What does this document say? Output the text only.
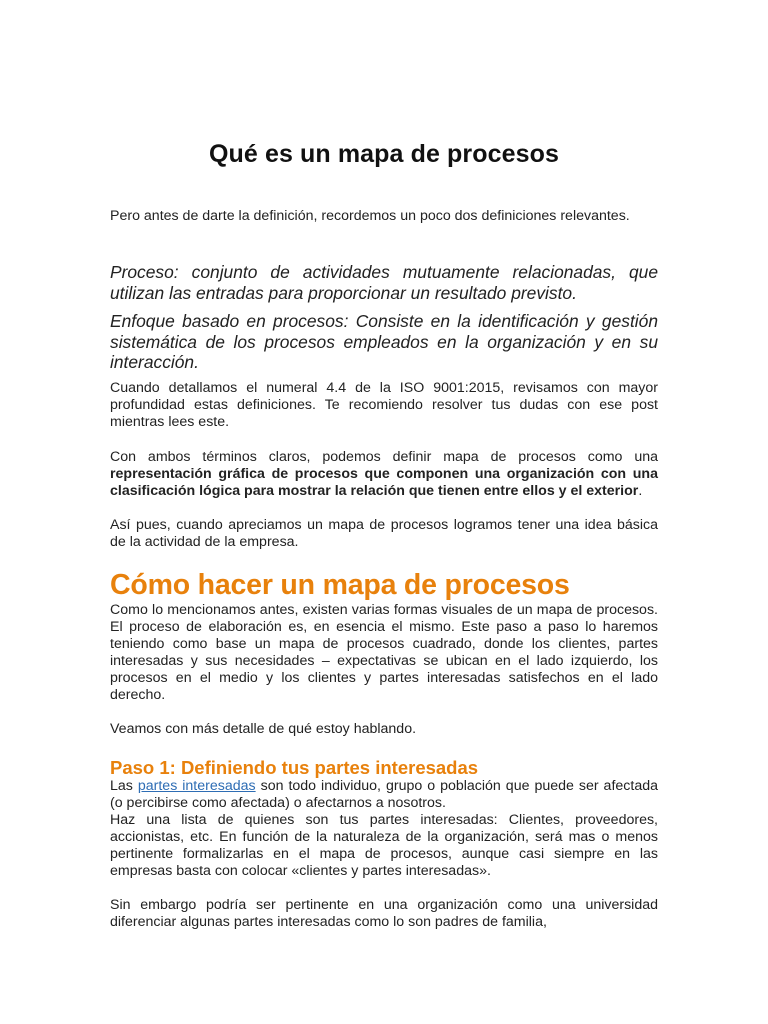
Qué es un mapa de procesos

Pero antes de darte la definición, recordemos un poco dos definiciones relevantes.

Proceso: conjunto de actividades mutuamente relacionadas, que utilizan las entradas para proporcionar un resultado previsto.

Enfoque basado en procesos: Consiste en la identificación y gestión sistemática de los procesos empleados en la organización y en su interacción.

Cuando detallamos el numeral 4.4 de la ISO 9001:2015, revisamos con mayor profundidad estas definiciones. Te recomiendo resolver tus dudas con ese post mientras lees este.

Con ambos términos claros, podemos definir mapa de procesos como una representación gráfica de procesos que componen una organización con una clasificación lógica para mostrar la relación que tienen entre ellos y el exterior.

Así pues, cuando apreciamos un mapa de procesos logramos tener una idea básica de la actividad de la empresa.

Cómo hacer un mapa de procesos

Como lo mencionamos antes, existen varias formas visuales de un mapa de procesos. El proceso de elaboración es, en esencia el mismo. Este paso a paso lo haremos teniendo como base un mapa de procesos cuadrado, donde los clientes, partes interesadas y sus necesidades – expectativas se ubican en el lado izquierdo, los procesos en el medio y los clientes y partes interesadas satisfechos en el lado derecho.

Veamos con más detalle de qué estoy hablando.

Paso 1: Definiendo tus partes interesadas

Las partes interesadas son todo individuo, grupo o población que puede ser afectada (o percibirse como afectada) o afectarnos a nosotros.

Haz una lista de quienes son tus partes interesadas: Clientes, proveedores, accionistas, etc. En función de la naturaleza de la organización, será mas o menos pertinente formalizarlas en el mapa de procesos, aunque casi siempre en las empresas basta con colocar «clientes y partes interesadas».

Sin embargo podría ser pertinente en una organización como una universidad diferenciar algunas partes interesadas como lo son padres de familia,
